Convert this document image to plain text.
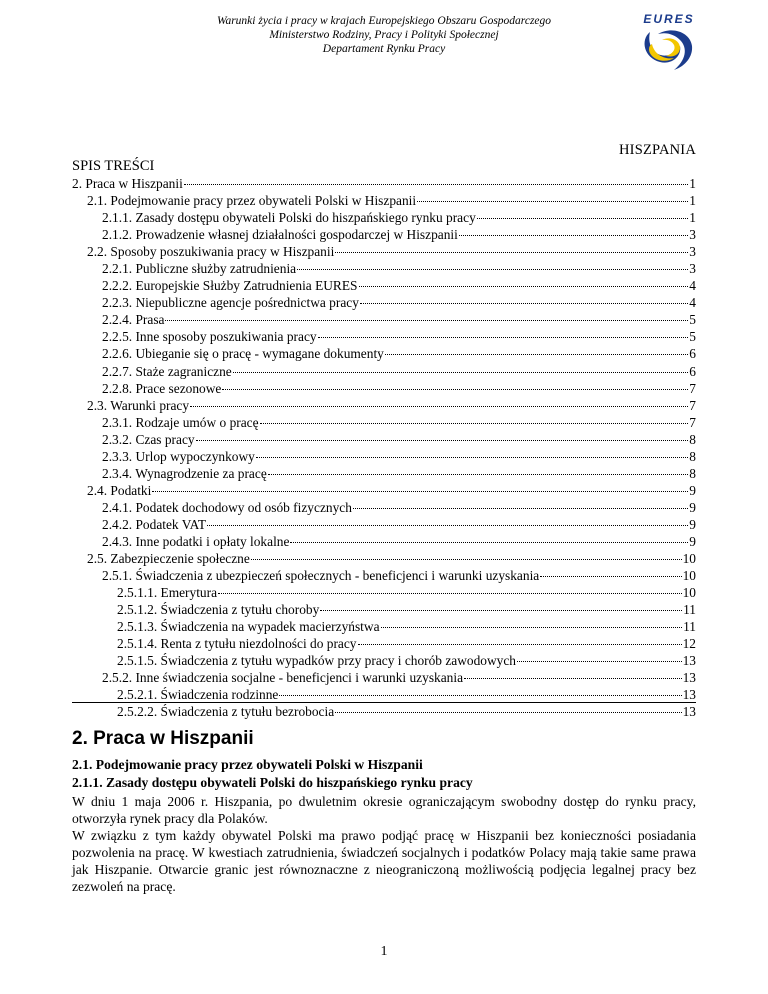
Warunki życia i pracy w krajach Europejskiego Obszaru Gospodarczego
Ministerstwo Rodziny, Pracy i Polityki Społecznej
Departament Rynku Pracy
EURES
HISZPANIA
SPIS TREŚCI
2. Praca w Hiszpanii	1
2.1. Podejmowanie pracy przez obywateli Polski w Hiszpanii	1
2.1.1. Zasady dostępu obywateli Polski do hiszpańskiego rynku pracy	1
2.1.2. Prowadzenie własnej działalności gospodarczej w Hiszpanii	3
2.2. Sposoby poszukiwania pracy w Hiszpanii	3
2.2.1. Publiczne służby zatrudnienia	3
2.2.2. Europejskie Służby Zatrudnienia EURES	4
2.2.3. Niepubliczne agencje pośrednictwa pracy	4
2.2.4. Prasa	5
2.2.5. Inne sposoby poszukiwania pracy	5
2.2.6. Ubieganie się o pracę - wymagane dokumenty	6
2.2.7. Staże zagraniczne	6
2.2.8. Prace sezonowe	7
2.3. Warunki pracy	7
2.3.1. Rodzaje umów o pracę	7
2.3.2. Czas pracy	8
2.3.3. Urlop wypoczynkowy	8
2.3.4. Wynagrodzenie za pracę	8
2.4. Podatki	9
2.4.1. Podatek dochodowy od osób fizycznych	9
2.4.2. Podatek VAT	9
2.4.3. Inne podatki i opłaty lokalne	9
2.5. Zabezpieczenie społeczne	10
2.5.1. Świadczenia z ubezpieczeń społecznych - beneficjenci i warunki uzyskania	10
2.5.1.1. Emerytura	10
2.5.1.2. Świadczenia z tytułu choroby	11
2.5.1.3. Świadczenia na wypadek macierzyństwa	11
2.5.1.4. Renta z tytułu niezdolności do pracy	12
2.5.1.5. Świadczenia z tytułu wypadków przy pracy i chorób zawodowych	13
2.5.2. Inne świadczenia socjalne - beneficjenci i warunki uzyskania	13
2.5.2.1. Świadczenia rodzinne	13
2.5.2.2. Świadczenia z tytułu bezrobocia	13
2. Praca w Hiszpanii
2.1. Podejmowanie pracy przez obywateli Polski w Hiszpanii
2.1.1. Zasady dostępu obywateli Polski do hiszpańskiego rynku pracy

W dniu 1 maja 2006 r. Hiszpania, po dwuletnim okresie ograniczającym swobodny dostęp do rynku pracy, otworzyła rynek pracy dla Polaków.

W związku z tym każdy obywatel Polski ma prawo podjąć pracę w Hiszpanii bez konieczności posiadania pozwolenia na pracę. W kwestiach zatrudnienia, świadczeń socjalnych i podatków Polacy mają takie same prawa jak Hiszpanie. Otwarcie granic jest równoznaczne z nieograniczoną możliwością podjęcia legalnej pracy bez zezwoleń na pracę.

1
